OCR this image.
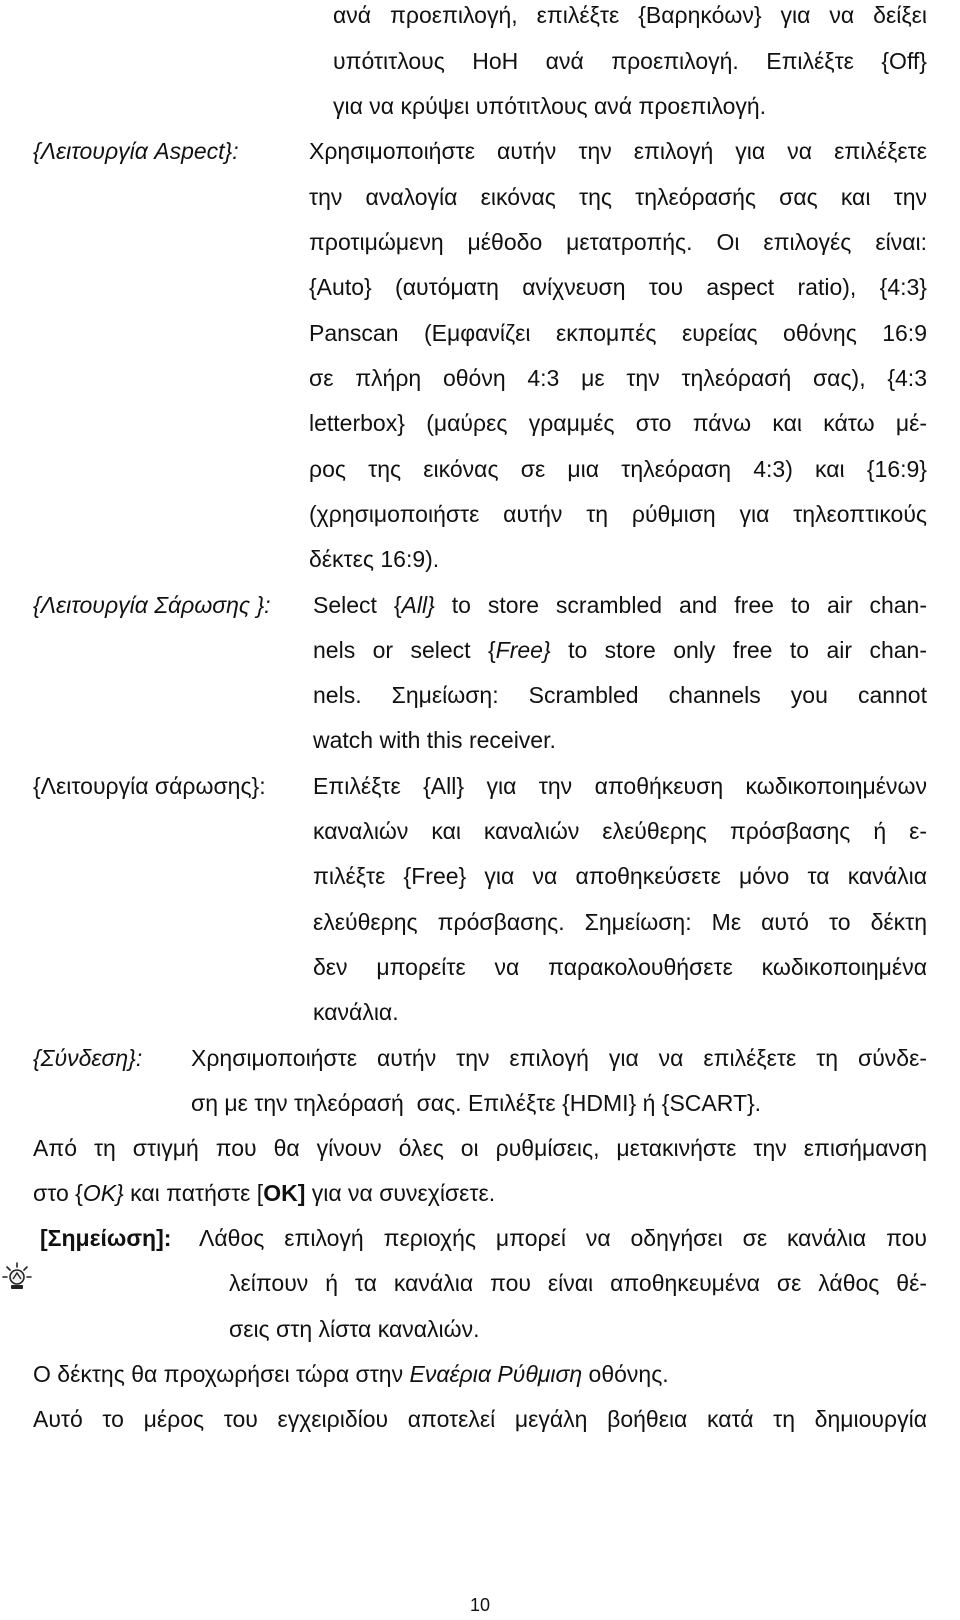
ανά προεπιλογή, επιλέξτε {Βαρηκόων} για να δείξει
υπότιτλους HoH ανά προεπιλογή. Επιλέξτε {Off}
για να κρύψει υπότιτλους ανά προεπιλογή.
{Λειτουργία Aspect}:	Χρησιμοποιήστε αυτήν την επιλογή για να επιλέξετε
την αναλογία εικόνας της τηλεόρασής σας και την
προτιμώμενη μέθοδο μετατροπής. Οι επιλογές είναι:
{Auto} (αυτόματη ανίχνευση του aspect ratio), {4:3}
Panscan (Εμφανίζει εκπομπές ευρείας οθόνης 16:9
σε πλήρη οθόνη 4:3 με την τηλεόρασή σας), {4:3
letterbox} (μαύρες γραμμές στο πάνω και κάτω μέ-
ρος της εικόνας σε μια τηλεόραση 4:3) και {16:9}
(χρησιμοποιήστε αυτήν τη ρύθμιση για τηλεοπτικούς
δέκτες 16:9).
{Λειτουργία Σάρωσης }: Select {All} to store scrambled and free to air chan-
nels or select {Free} to store only free to air chan-
nels. Σημείωση: Scrambled channels you cannot
watch with this receiver.
{Λειτουργία σάρωσης}: Επιλέξτε {All} για την αποθήκευση κωδικοποιημένων
καναλιών και καναλιών ελεύθερης πρόσβασης ή ε-
πιλέξτε {Free} για να αποθηκεύσετε μόνο τα κανάλια
ελεύθερης πρόσβασης. Σημείωση: Με αυτό το δέκτη
δεν μπορείτε να παρακολουθήσετε κωδικοποιημένα
κανάλια.
{Σύνδεση}: Χρησιμοποιήστε αυτήν την επιλογή για να επιλέξετε τη σύνδε-
ση με την τηλεόρασή  σας. Επιλέξτε {HDMI} ή {SCART}.
Από τη στιγμή που θα γίνουν όλες οι ρυθμίσεις, μετακινήστε την επισήμανση
στο {OK} και πατήστε [OK] για να συνεχίσετε.
[Σημείωση]: Λάθος επιλογή περιοχής μπορεί να οδηγήσει σε κανάλια που
λείπουν ή τα κανάλια που είναι αποθηκευμένα σε λάθος θέ-
σεις στη λίστα καναλιών.
Ο δέκτης θα προχωρήσει τώρα στην Εναέρια Ρύθμιση οθόνης.
Αυτό το μέρος του εγχειριδίου αποτελεί μεγάλη βοήθεια κατά τη δημιουργία
10
